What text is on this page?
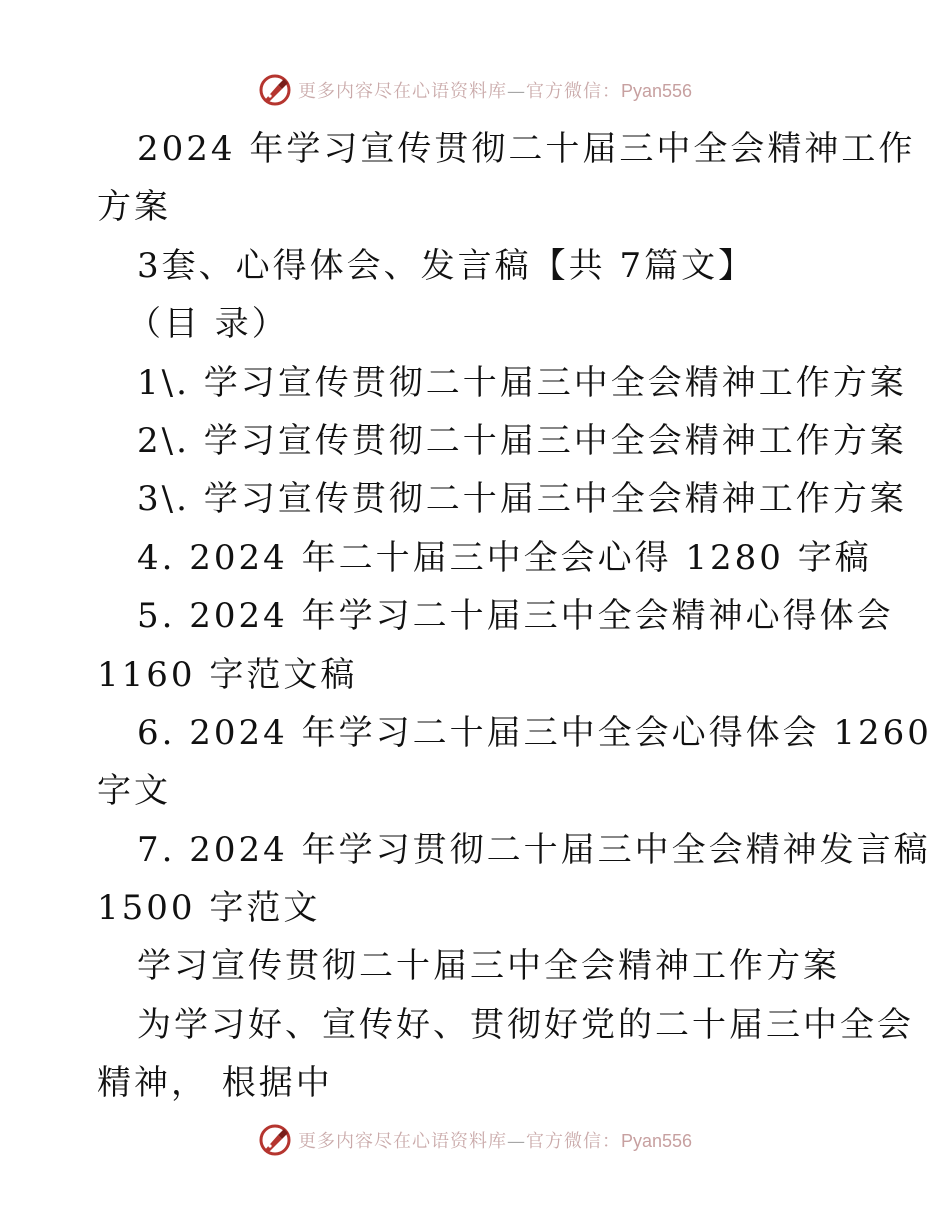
更多内容尽在心语资料库—官方微信：Pyan556
2024 年学习宣传贯彻二十届三中全会精神工作
方案
3套、心得体会、发言稿【共 7篇文】
（目 录）
1\. 学习宣传贯彻二十届三中全会精神工作方案
2\. 学习宣传贯彻二十届三中全会精神工作方案
3\. 学习宣传贯彻二十届三中全会精神工作方案
4. 2024 年二十届三中全会心得 1280 字稿
5. 2024 年学习二十届三中全会精神心得体会
1160 字范文稿
6. 2024 年学习二十届三中全会心得体会 1260
字文
7. 2024 年学习贯彻二十届三中全会精神发言稿
1500 字范文
学习宣传贯彻二十届三中全会精神工作方案
为学习好、宣传好、贯彻好党的二十届三中全会
精神， 根据中
更多内容尽在心语资料库—官方微信：Pyan556
